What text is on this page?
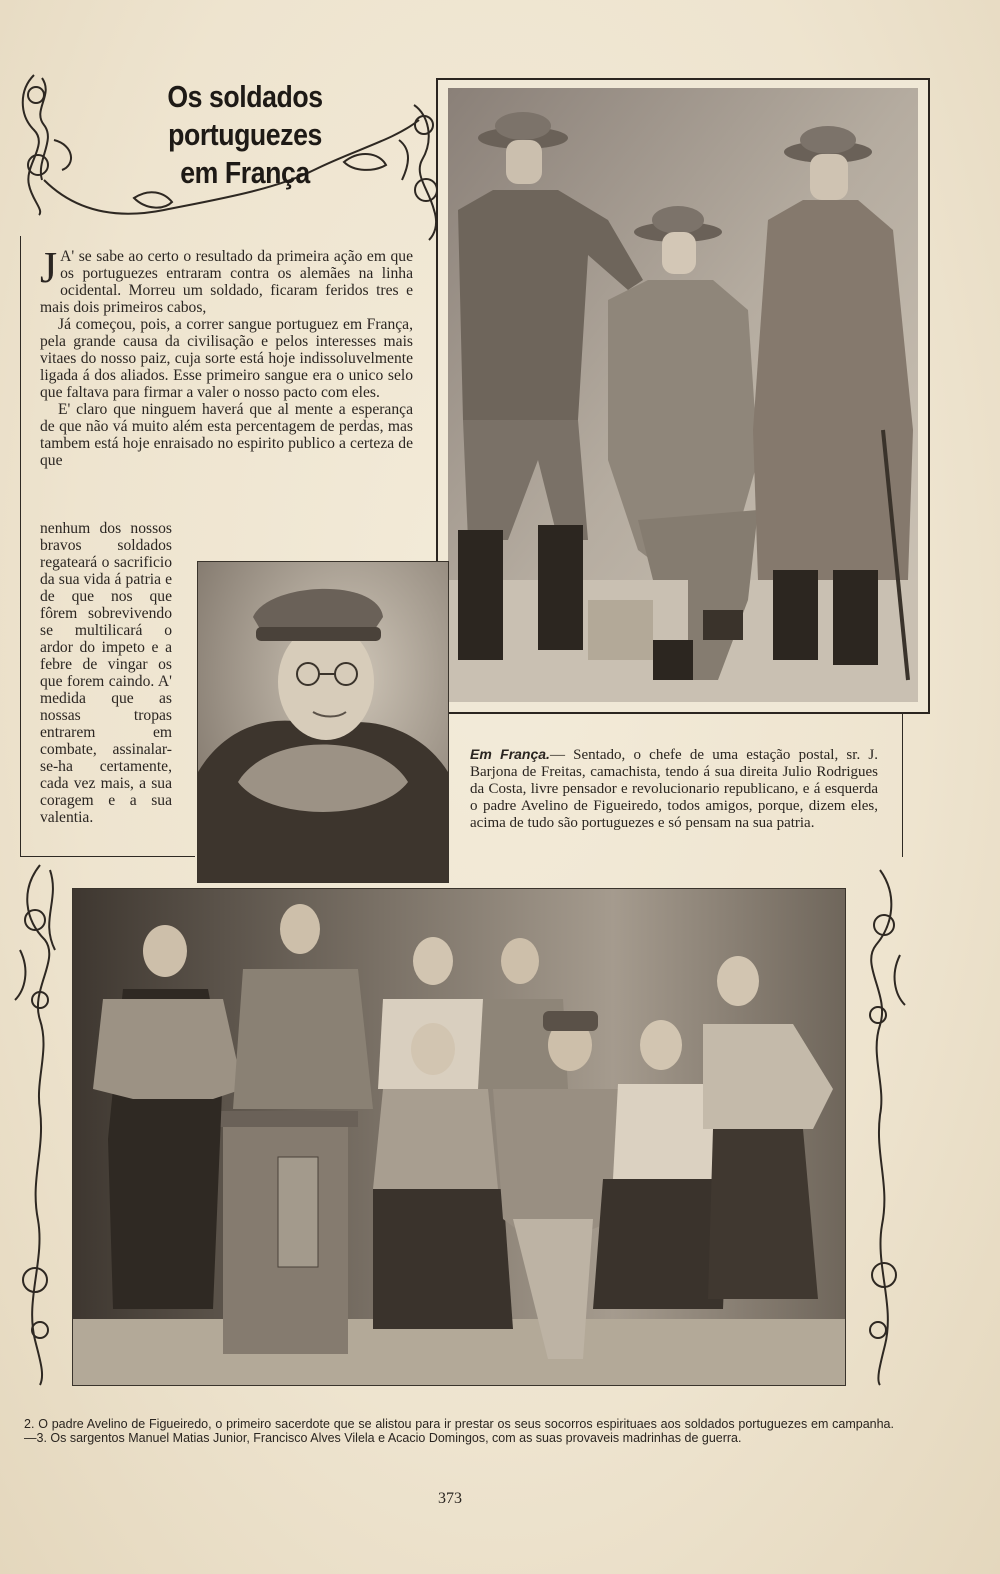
Os soldados portuguezes
em França

J A' se sabe ao certo o resultado da primeira ação em que os portuguezes entraram contra os alemães na linha ocidental. Morreu um soldado, ficaram feridos tres e mais dois primeiros cabos,

Já começou, pois, a correr sangue portuguez em França, pela grande causa da civilisação e pelos interesses mais vitaes do nosso paiz, cuja sorte está hoje indissoluvelmente ligada á dos aliados. Esse primeiro sangue era o unico selo que faltava para firmar a valer o nosso pacto com eles.

E' claro que ninguem haverá que al mente a esperança de que não vá muito além esta percentagem de perdas, mas tambem está hoje enraisado no espirito publico a certeza de que

nenhum dos nossos bravos soldados regateará o sacrificio da sua vida á patria e de que nos que fôrem sobrevivendo se multilicará o ardor do impeto e a febre de vingar os que forem caindo. A' medida que as nossas tropas entrarem em combate, assinalar-se-ha certamente, cada vez mais, a sua coragem e a sua valentia.

Em França.— Sentado, o chefe de uma estação postal, sr. J. Barjona de Freitas, camachista, tendo á sua direita Julio Rodrigues da Costa, livre pensador e revolucionario republicano, e á esquerda o padre Avelino de Figueiredo, todos amigos, porque, dizem eles, acima de tudo são portuguezes e só pensam na sua patria.
2. O padre Avelino de Figueiredo, o primeiro sacerdote que se alistou para ir prestar os seus socorros espirituaes aos soldados portuguezes em campanha.—3. Os sargentos Manuel Matias Junior, Francisco Alves Vilela e Acacio Domingos, com as suas provaveis madrinhas de guerra.
373
